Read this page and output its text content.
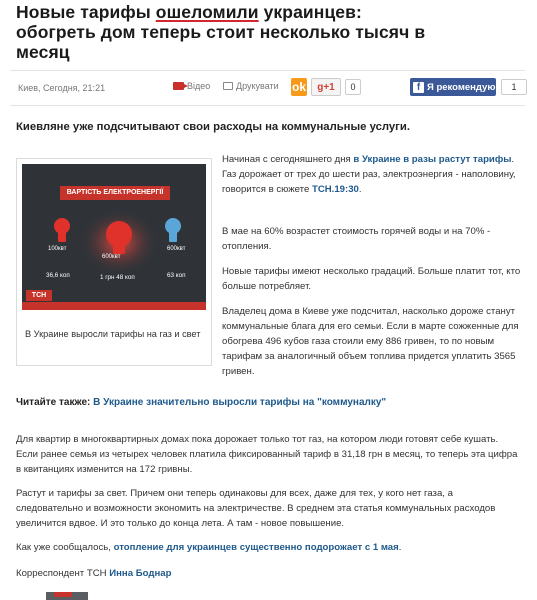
Новые тарифы ошеломили украинцев: обогреть дом теперь стоит несколько тысяч в месяц
Киев, Сегодня, 21:21	Відео	Друкувати ok	g+1	0	f Я рекомендую	1
Киевляне уже подсчитывают свои расходы на коммунальные услуги.
ВАРТІСТЬ ЕЛЕКТРОЕНЕРГІЇ
100квт
600квт
600квт
36,6 коп	1 грн 48 коп	63 коп
ТСН
В Украине выросли тарифы на газ и свет
Начиная с сегодняшнего дня в Украине в разы растут тарифы. Газ дорожает от трех до шести раз, электроэнергия - наполовину, говорится в сюжете ТСН.19:30.
В мае на 60% возрастет стоимость горячей воды и на 70% - отопления.
Новые тарифы имеют несколько градаций. Больше платит тот, кто больше потребляет.
Владелец дома в Киеве уже подсчитал, насколько дороже станут коммунальные блага для его семьи. Если в марте сожженные для обогрева 496 кубов газа стоили ему 886 гривен, то по новым тарифам за аналогичный объем топлива придется уплатить 3565 гривен.
Читайте также: В Украине значительно выросли тарифы на "коммуналку"
Для квартир в многоквартирных домах пока дорожает только тот газ, на котором люди готовят себе кушать. Если ранее семья из четырех человек платила фиксированный тариф в 31,18 грн в месяц, то теперь эта цифра в квитанциях изменится на 172 гривны.
Растут и тарифы за свет. Причем они теперь одинаковы для всех, даже для тех, у кого нет газа, а следовательно и возможности экономить на электричестве. В среднем эта статья коммунальных расходов увеличится вдвое. И это только до конца лета. А там - новое повышение.
Как уже сообщалось, отопление для украинцев существенно подорожает с 1 мая.
Корреспондент ТСН Инна Боднар
